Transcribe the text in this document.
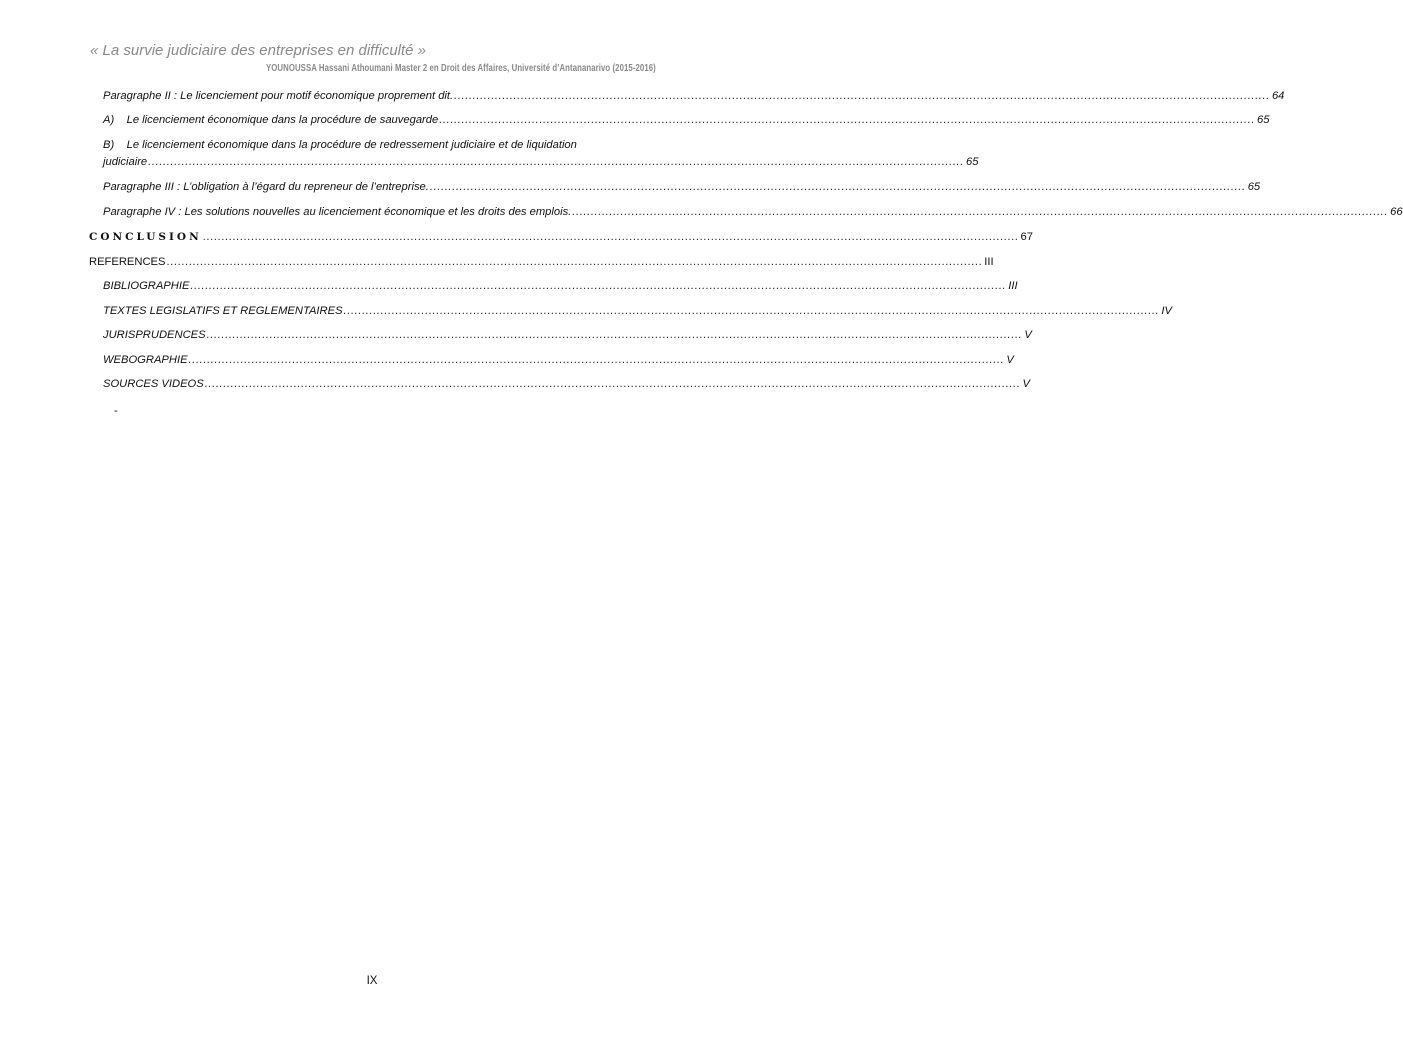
« La survie judiciaire des entreprises en difficulté »
YOUNOUSSA Hassani Athoumani Master 2 en Droit des Affaires, Université d’Antananarivo (2015-2016)
Paragraphe II : Le licenciement pour motif économique proprement dit. ............................................................................................................................................................................................................................ 64
A)    Le licenciement économique dans la procédure de sauvegarde ............................................................................................................................................................................................................................ 65
B)    Le licenciement économique dans la procédure de redressement judiciaire et de liquidation
judiciaire ............................................................................................................................................................................................................................ 65
Paragraphe III : L’obligation à l’égard du repreneur de l’entreprise. ............................................................................................................................................................................................................................ 65
Paragraphe IV : Les solutions nouvelles au licenciement économique et les droits des emplois. ............................................................................................................................................................................................................................ 66
CONCLUSION ............................................................................................................................................................................................................................ 67
REFERENCES ............................................................................................................................................................................................................................ III
BIBLIOGRAPHIE ............................................................................................................................................................................................................................ III
TEXTES LEGISLATIFS ET REGLEMENTAIRES ............................................................................................................................................................................................................................ IV
JURISPRUDENCES ............................................................................................................................................................................................................................ V
WEBOGRAPHIE ............................................................................................................................................................................................................................ V
SOURCES VIDEOS ............................................................................................................................................................................................................................ V
-
IX
